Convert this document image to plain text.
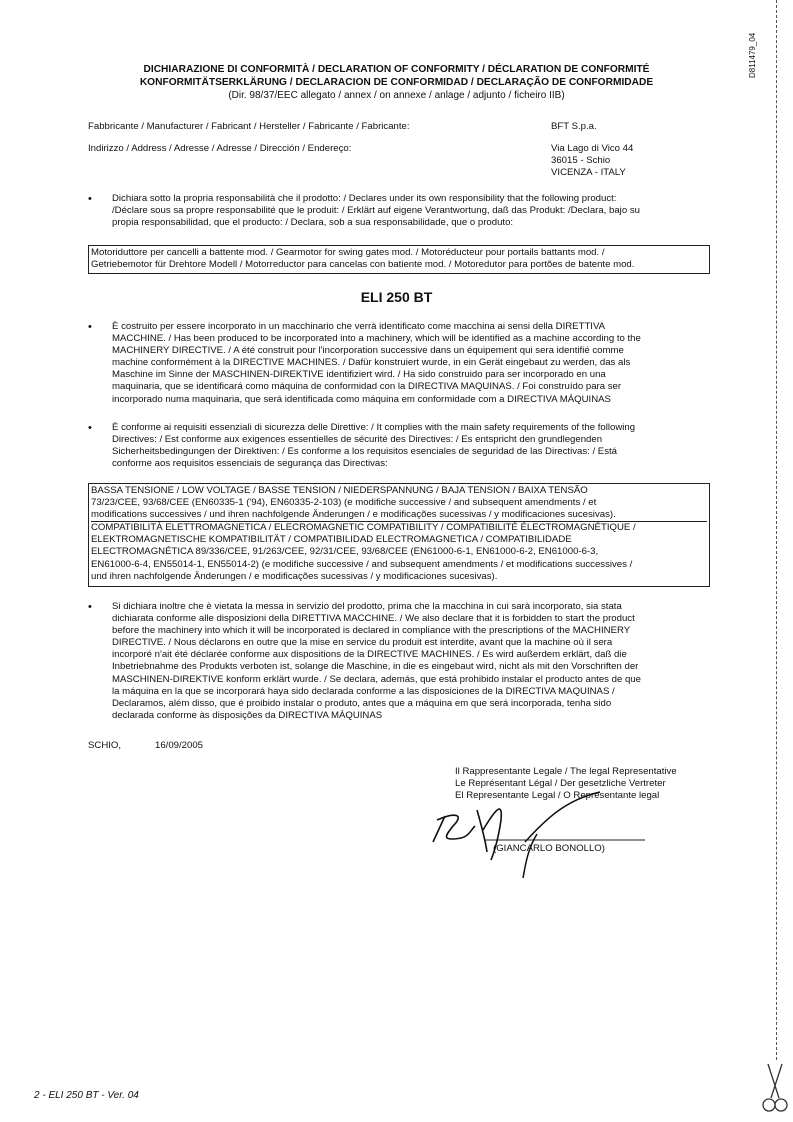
D811479_04
DICHIARAZIONE DI CONFORMITÀ / DECLARATION OF CONFORMITY / DÉCLARATION DE CONFORMITÉ
KONFORMITÄTSERKLÄRUNG / DECLARACION DE CONFORMIDAD / DECLARAÇÃO DE CONFORMIDADE
(Dir. 98/37/EEC allegato / annex / on annexe / anlage / adjunto / ficheiro IIB)
Fabbricante / Manufacturer / Fabricant / Hersteller / Fabricante / Fabricante:	BFT S.p.a.
Indirizzo / Address / Adresse / Adresse / Dirección / Endereço:	Via Lago di Vico 44
36015 - Schio
VICENZA - ITALY
• Dichiara sotto la propria responsabilità che il prodotto: / Declares under its own responsibility that the following product:
/Déclare sous sa propre responsabilité que le produit: / Erklärt auf eigene Verantwortung, daß das Produkt: /Declara, bajo su
propia responsabilidad, que el producto: / Declara, sob a sua responsabilidade, que o produto:
Motoriduttore per cancelli a battente mod. / Gearmotor for swing gates mod. / Motoréducteur pour portails battants mod. /
Getriebemotor für Drehtore Modell / Motorreductor para cancelas con batiente mod. / Motoredutor para portões de batente mod.
ELI 250 BT
• È costruito per essere incorporato in un macchinario che verrà identificato come macchina ai sensi della DIRETTIVA
MACCHINE. / Has been produced to be incorporated into a machinery, which will be identified as a machine according to the
MACHINERY DIRECTIVE. / A été construit pour l'incorporation successive dans un équipement qui sera identifié comme
machine conformément à la DIRECTIVE MACHINES. / Dafür konstruiert wurde, in ein Gerät eingebaut zu werden, das als
Maschine im Sinne der MASCHINEN-DIREKTIVE identifiziert wird. / Ha sido construido para ser incorporado en una
maquinaria, que se identificará como máquina de conformidad con la DIRECTIVA MAQUINAS. / Foi construído para ser
incorporado numa maquinaria, que será identificada como máquina em conformidade com a DIRECTIVA MÁQUINAS
• È conforme ai requisiti essenziali di sicurezza delle Direttive: / It complies with the main safety requirements of the following
Directives: / Est conforme aux exigences essentielles de sécurité des Directives: / Es entspricht den grundlegenden
Sicherheitsbedingungen der Direktiven: / Es conforme a los requisitos esenciales de seguridad de las Directivas: / Está
conforme aos requisitos essenciais de segurança das Directivas:
BASSA TENSIONE / LOW VOLTAGE / BASSE TENSION / NIEDERSPANNUNG / BAJA TENSION / BAIXA TENSÃO
73/23/CEE, 93/68/CEE (EN60335-1 ('94), EN60335-2-103) (e modifiche successive / and subsequent amendments / et
modifications successives / und ihren nachfolgende Änderungen / e modificações sucessivas / y modificaciones sucesivas).
COMPATIBILITÀ ELETTROMAGNETICA / ELECROMAGNETIC COMPATIBILITY / COMPATIBILITÉ ÉLECTROMAGNÉTIQUE /
ELEKTROMAGNETISCHE KOMPATIBILITÄT / COMPATIBILIDAD ELECTROMAGNETICA / COMPATIBILIDADE
ELECTROMAGNÉTICA 89/336/CEE, 91/263/CEE, 92/31/CEE, 93/68/CEE (EN61000-6-1, EN61000-6-2, EN61000-6-3,
EN61000-6-4, EN55014-1, EN55014-2) (e modifiche successive / and subsequent amendments / et modifications successives /
und ihren nachfolgende Änderungen / e modificações sucessivas / y modificaciones sucesivas).
• Si dichiara inoltre che è vietata la messa in servizio del prodotto, prima che la macchina in cui sarà incorporato, sia stata
dichiarata conforme alle disposizioni della DIRETTIVA MACCHINE. / We also declare that it is forbidden to start the product
before the machinery into which it will be incorporated is declared in compliance with the prescriptions of the MACHINERY
DIRECTIVE. / Nous déclarons en outre que la mise en service du produit est interdite, avant que la machine où il sera
incorporé n'ait été déclarée conforme aux dispositions de la DIRECTIVE MACHINES. / Es wird außerdem erklärt, daß die
Inbetriebnahme des Produkts verboten ist, solange die Maschine, in die es eingebaut wird, nicht als mit den Vorschriften der
MASCHINEN-DIREKTIVE konform erklärt wurde. / Se declara, además, que está prohibido instalar el producto antes de que
la máquina en la que se incorporará haya sido declarada conforme a las disposiciones de la DIRECTIVA MAQUINAS /
Declaramos, além disso, que é proibido instalar o produto, antes que a máquina em que será incorporada, tenha sido
declarada conforme às disposições da DIRECTIVA MÁQUINAS
SCHIO,	16/09/2005
Il Rappresentante Legale / The legal Representative
Le Représentant Légal / Der gesetzliche Vertreter
El Representante Legal / O Representante legal
(GIANCARLO BONOLLO)
2 - ELI 250 BT - Ver. 04
